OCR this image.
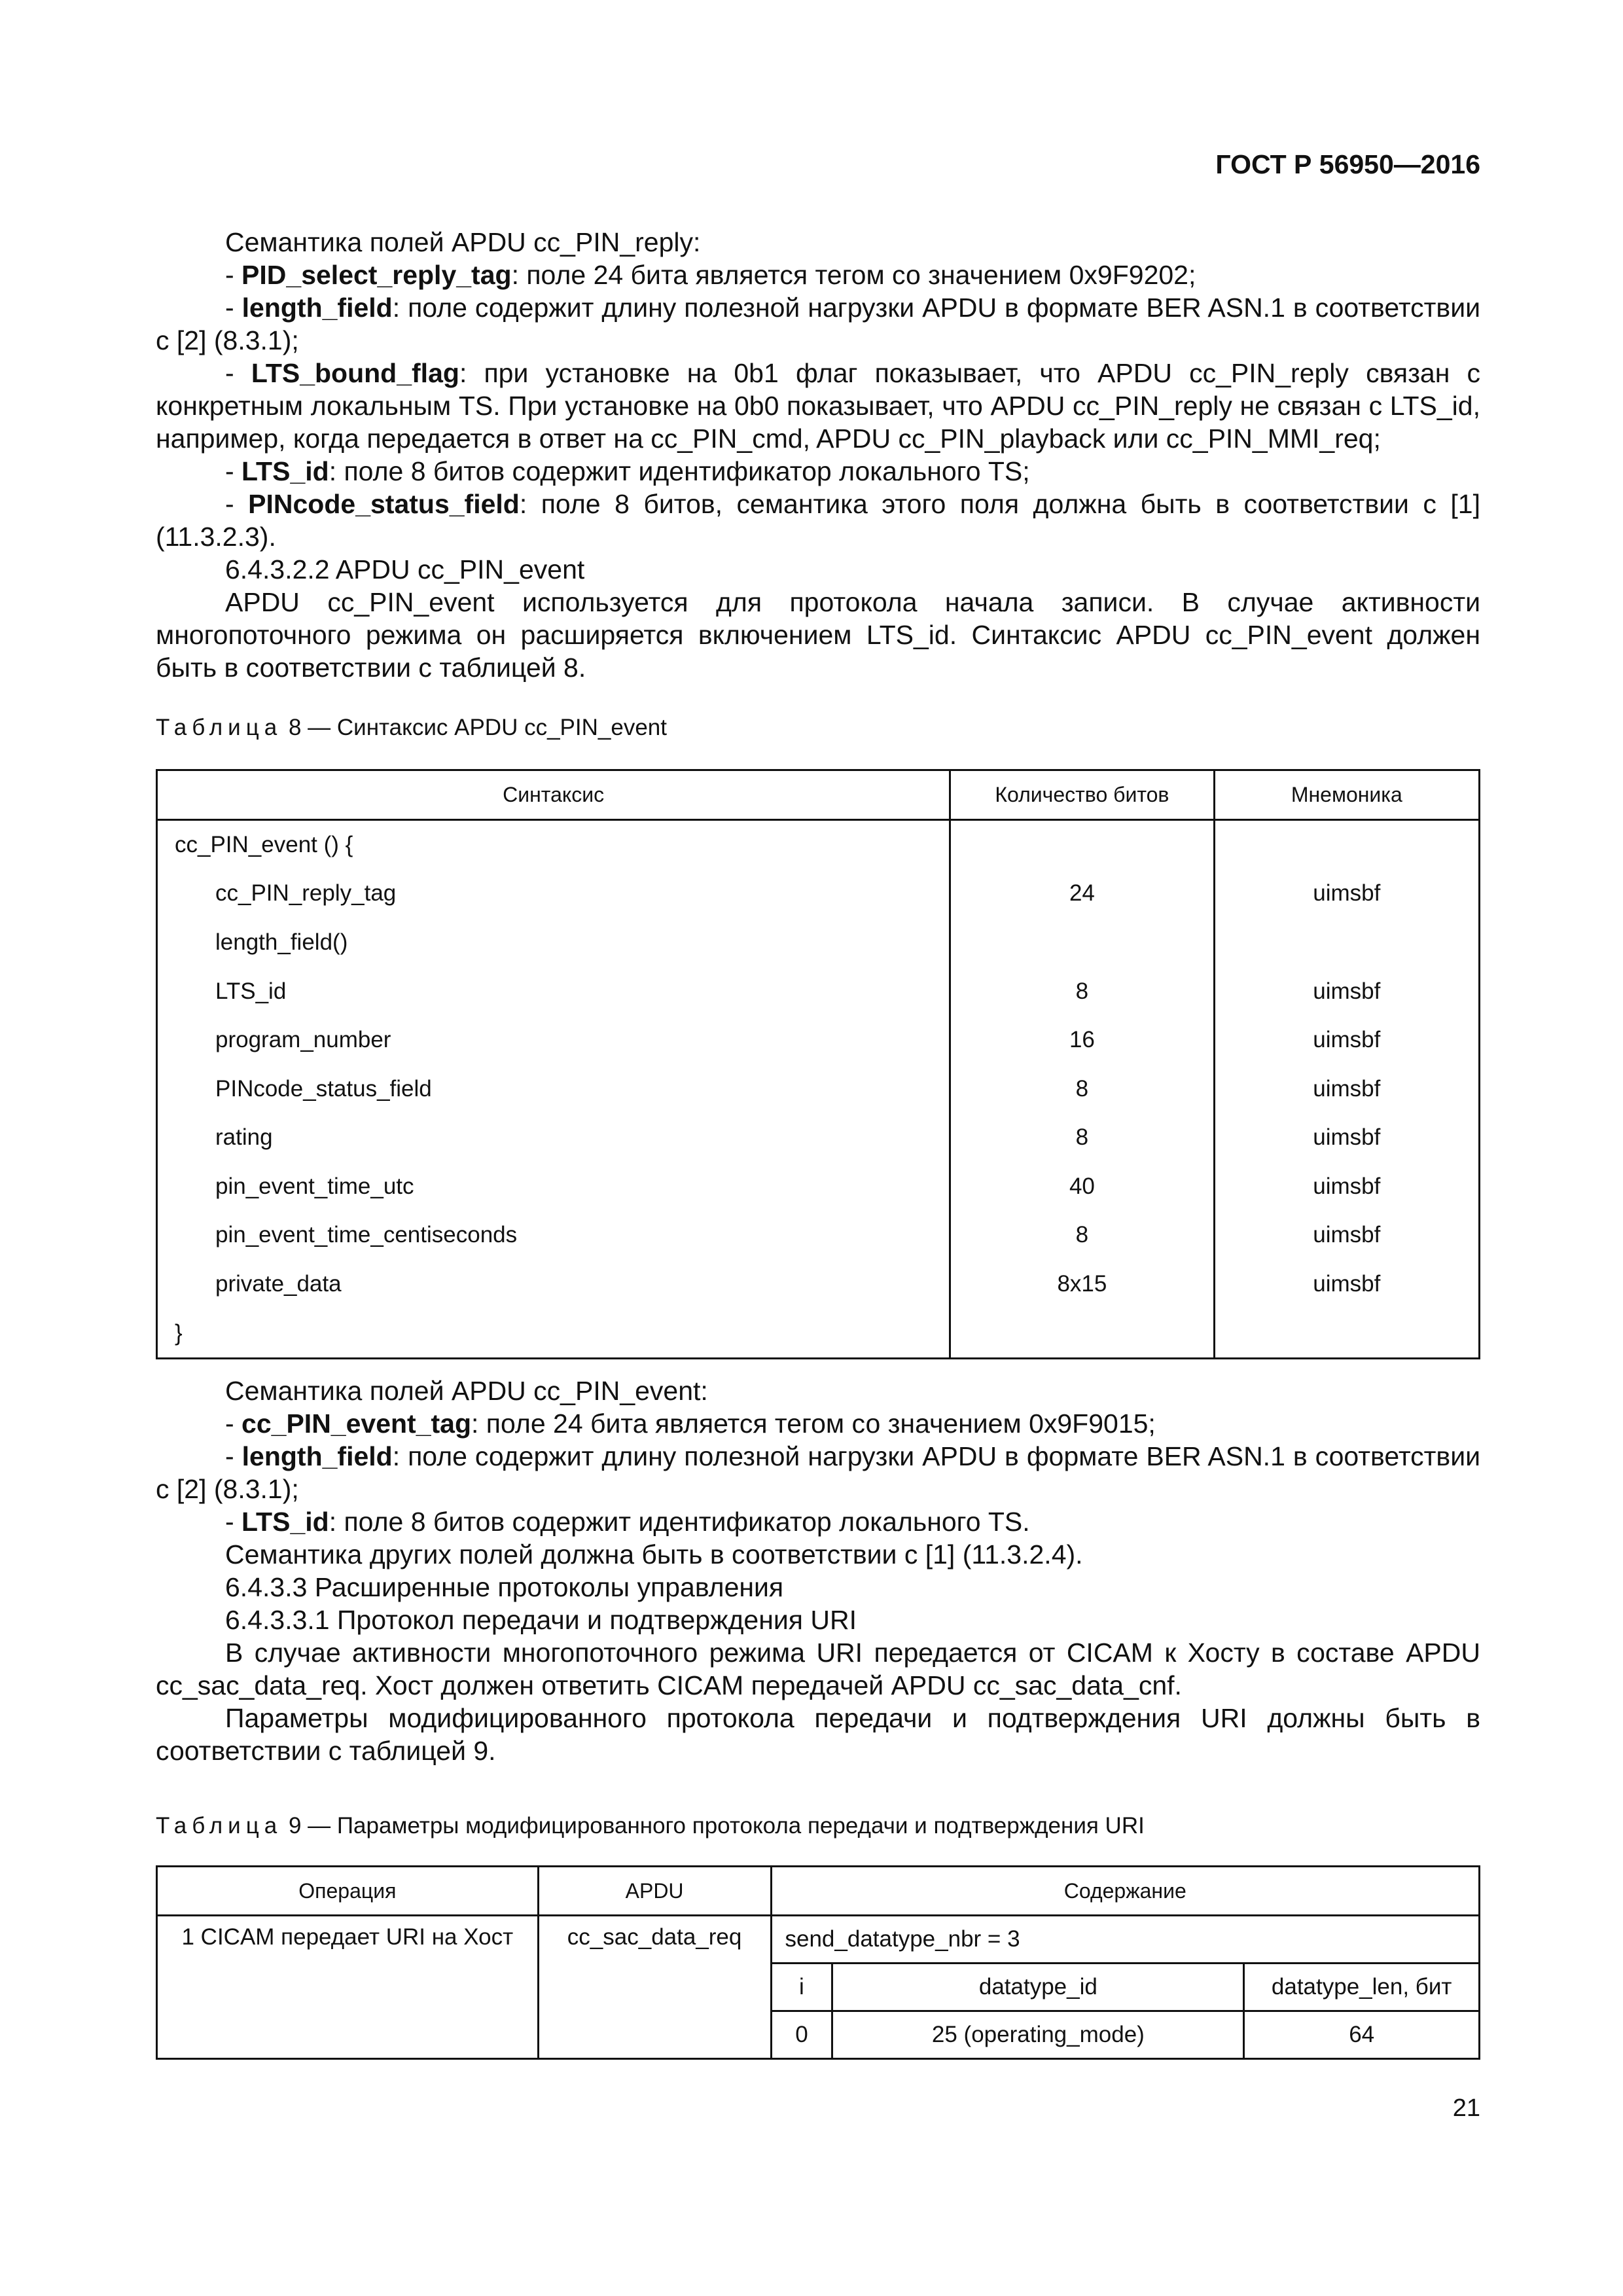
ГОСТ Р 56950—2016

Семантика полей APDU cc_PIN_reply:

- PID_select_reply_tag: поле 24 бита является тегом со значением 0x9F9202;

- length_field: поле содержит длину полезной нагрузки APDU в формате BER ASN.1 в соответствии с [2] (8.3.1);

- LTS_bound_flag: при установке на 0b1 флаг показывает, что APDU cc_PIN_reply связан с конкретным локальным TS. При установке на 0b0 показывает, что APDU cc_PIN_reply не связан с LTS_id, например, когда передается в ответ на cc_PIN_cmd, APDU cc_PIN_playback или cc_PIN_MMI_req;

- LTS_id: поле 8 битов содержит идентификатор локального TS;

- PINcode_status_field: поле 8 битов, семантика этого поля должна быть в соответствии с [1] (11.3.2.3).

6.4.3.2.2 APDU cc_PIN_event

APDU cc_PIN_event используется для протокола начала записи. В случае активности многопоточного режима он расширяется включением LTS_id. Синтаксис APDU cc_PIN_event должен быть в соответствии с таблицей 8.

Таблица 8 — Синтаксис APDU cc_PIN_event
Синтаксис	Количество битов	Мнемоника
cc_PIN_event () {		
cc_PIN_reply_tag	24	uimsbf
length_field()		
LTS_id	8	uimsbf
program_number	16	uimsbf
PINcode_status_field	8	uimsbf
rating	8	uimsbf
pin_event_time_utc	40	uimsbf
pin_event_time_centiseconds	8	uimsbf
private_data	8x15	uimsbf
}		

Семантика полей APDU cc_PIN_event:

- cc_PIN_event_tag: поле 24 бита является тегом со значением 0x9F9015;

- length_field: поле содержит длину полезной нагрузки APDU в формате BER ASN.1 в соответствии с [2] (8.3.1);

- LTS_id: поле 8 битов содержит идентификатор локального TS.

Семантика других полей должна быть в соответствии с [1] (11.3.2.4).

6.4.3.3 Расширенные протоколы управления

6.4.3.3.1 Протокол передачи и подтверждения URI

В случае активности многопоточного режима URI передается от CICAM к Хосту в составе APDU cc_sac_data_req. Хост должен ответить CICAM передачей APDU cc_sac_data_cnf.

Параметры модифицированного протокола передачи и подтверждения URI должны быть в соответствии с таблицей 9.

Таблица 9 — Параметры модифицированного протокола передачи и подтверждения URI
Операция	APDU	Содержание		
1 CICAM передает URI на Хост	cc_sac_data_req	send_datatype_nbr = 3		
		i	datatype_id	datatype_len, бит
		0	25 (operating_mode)	64
21
